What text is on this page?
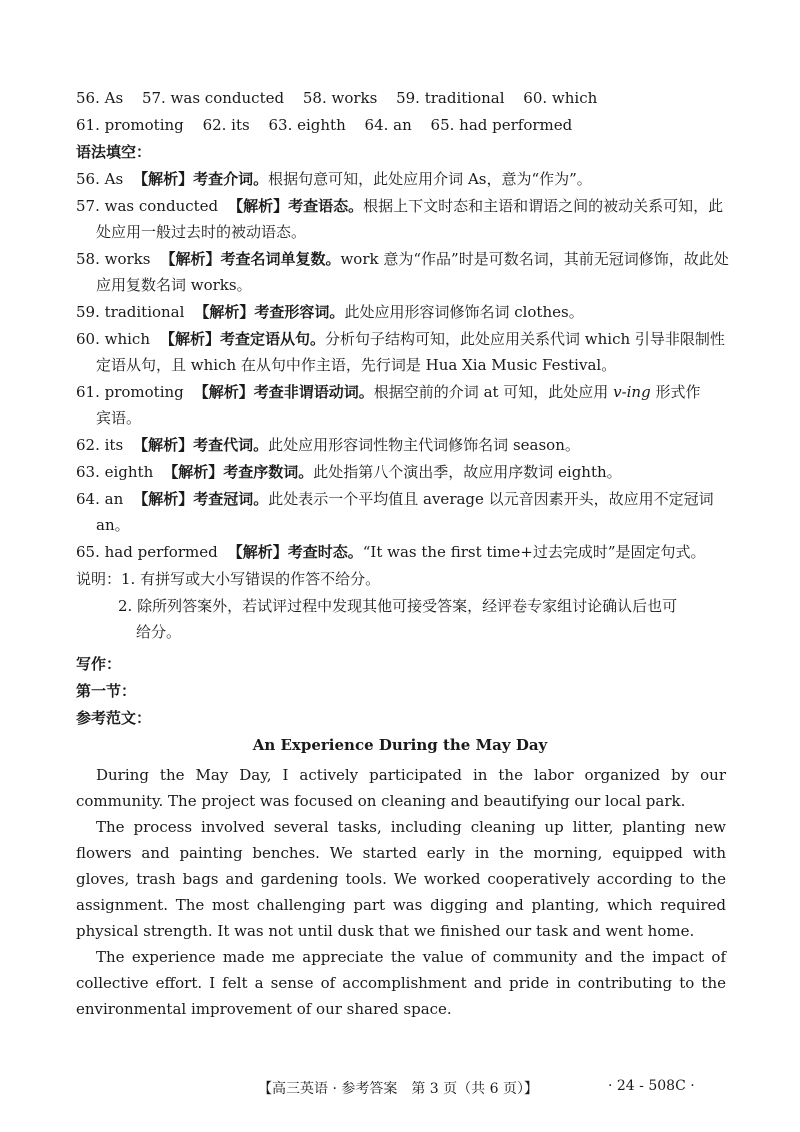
56. As 57. was conducted 58. works 59. traditional 60. which
61. promoting 62. its 63. eighth 64. an 65. had performed
语法填空：
56. As 【解析】考查介词。根据句意可知，此处应用介词 As，意为“作为”。
57. was conducted 【解析】考查语态。根据上下文时态和主语和谓语之间的被动关系可知，此
处应用一般过去时的被动语态。
58. works 【解析】考查名词单复数。work 意为“作品”时是可数名词，其前无冠词修饰，故此处
应用复数名词 works。
59. traditional 【解析】考查形容词。此处应用形容词修饰名词 clothes。
60. which 【解析】考查定语从句。分析句子结构可知，此处应用关系代词 which 引导非限制性
定语从句，且 which 在从句中作主语，先行词是 Hua Xia Music Festival。
61. promoting 【解析】考查非谓语动词。根据空前的介词 at 可知，此处应用 v-ing 形式作
宾语。
62. its 【解析】考查代词。此处应用形容词性物主代词修饰名词 season。
63. eighth 【解析】考查序数词。此处指第八个演出季，故应用序数词 eighth。
64. an 【解析】考查冠词。此处表示一个平均值且 average 以元音因素开头，故应用不定冠词
an。
65. had performed 【解析】考查时态。“It was the first time+过去完成时”是固定句式。
说明：1. 有拼写或大小写错误的作答不给分。
2. 除所列答案外，若试评过程中发现其他可接受答案，经评卷专家组讨论确认后也可
给分。
写作：
第一节：
参考范文：
An Experience During the May Day
During the May Day, I actively participated in the labor organized by our community. The project was focused on cleaning and beautifying our local park.
The process involved several tasks, including cleaning up litter, planting new flowers and painting benches. We started early in the morning, equipped with gloves, trash bags and gardening tools. We worked cooperatively according to the assignment. The most challenging part was digging and planting, which required physical strength. It was not until dusk that we finished our task and went home.
The experience made me appreciate the value of community and the impact of collective effort. I felt a sense of accomplishment and pride in contributing to the environmental improvement of our shared space.
【高三英语 · 参考答案　第 3 页（共 6 页）】	· 24 - 508C ·
